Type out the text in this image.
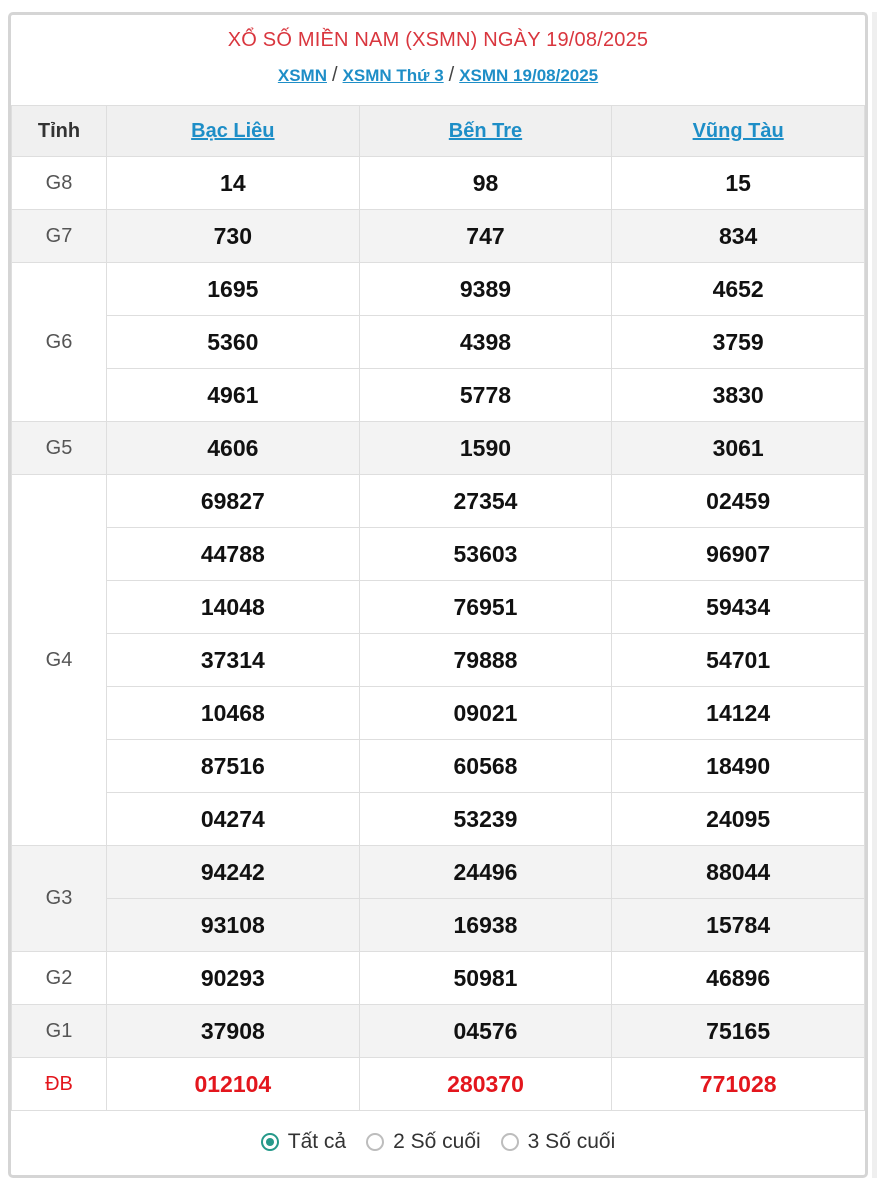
XỔ SỐ MIỀN NAM (XSMN) NGÀY 19/08/2025
XSMN / XSMN Thứ 3 / XSMN 19/08/2025
Tỉnh	Bạc Liêu	Bến Tre	Vũng Tàu
G8	14	98	15
G7	730	747	834
G6	1695	9389	4652
	5360	4398	3759
	4961	5778	3830
G5	4606	1590	3061
G4	69827	27354	02459
	44788	53603	96907
	14048	76951	59434
	37314	79888	54701
	10468	09021	14124
	87516	60568	18490
	04274	53239	24095
G3	94242	24496	88044
	93108	16938	15784
G2	90293	50981	46896
G1	37908	04576	75165
ĐB	012104	280370	771028
Tất cả 2 Số cuối 3 Số cuối
